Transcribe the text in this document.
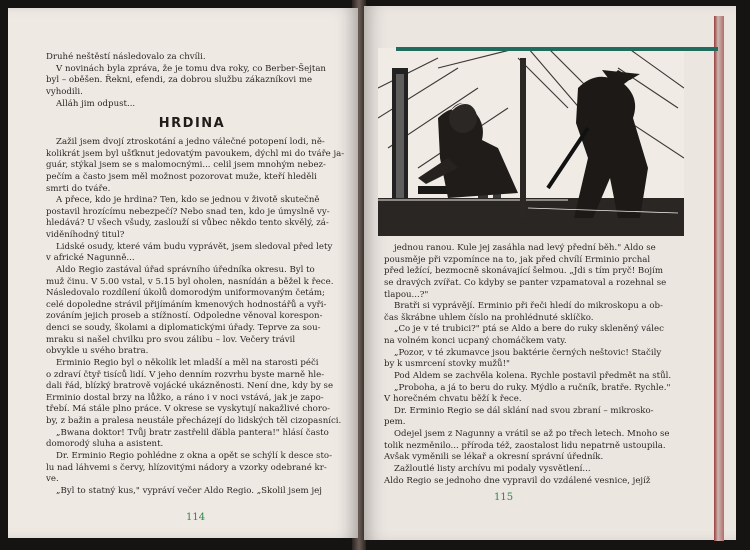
Druhé neštěstí následovalo za chvíli.
V novinách byla zpráva, že je tomu dva roky, co Berber-Šejtan
byl – oběšen. Řekni, efendi, za dobrou službu zákazníkovi me
vyhodili.
Alláh jim odpust...
HRDINA
Zažil jsem dvojí ztroskotání a jedno válečné potopení lodi, ně-
kolikrát jsem byl ušťknut jedovatým pavoukem, dýchl mi do tváře ja-
guár, stýkal jsem se s malomocnými... celil jsem mnohým nebez-
pečím a často jsem měl možnost pozorovat muže, kteří hleděli
smrti do tváře.
A přece, kdo je hrdina? Ten, kdo se jednou v životě skutečně
postavil hrozícímu nebezpečí? Nebo snad ten, kdo je úmyslně vy-
hledává? U všech všudy, zaslouží si vůbec někdo tento skvělý, zá-
viděníhodný titul?
Lidské osudy, které vám budu vyprávět, jsem sledoval před lety
v africké Nagunně...
Aldo Regio zastával úřad správního úředníka okresu. Byl to
muž činu. V 5.00 vstal, v 5.15 byl oholen, nasnídán a běžel k řece.
Následovalo rozdílení úkolů domorodým uniformovaným četám;
celé dopoledne strávil přijímáním kmenových hodnostářů a vyři-
zováním jejich proseb a stížností. Odpoledne věnoval korespon-
denci se soudy, školami a diplomatickými úřady. Teprve za sou-
mraku si našel chvilku pro svou zálibu – lov. Večery trávil
obvykle u svého bratra.
Erminio Regio byl o několik let mladší a měl na starosti péči
o zdraví čtyř tisíců lidí. V jeho denním rozvrhu byste marně hle-
dali řád, blízký bratrově vojácké ukázněnosti. Není dne, kdy by se
Erminio dostal brzy na lůžko, a ráno i v noci vstává, jak je zapo-
třebí. Má stále plno práce. V okrese se vyskytují nakažlivé choro-
by, z bažin a pralesa neustále přecházejí do lidských těl cizopasníci.
„Bwana doktor! Tvůj bratr zastřelil ďábla pantera!" hlásí často
domorodý sluha a asistent.
Dr. Erminio Regio pohlédne z okna a opět se schýlí k desce sto-
lu nad láhvemi s červy, hlízovitými nádory a vzorky odebrané kr-
ve.
„Byl to statný kus," vypráví večer Aldo Regio. „Skolil jsem jej
114
jednou ranou. Kule jej zasáhla nad levý přední běh." Aldo se
pousměje při vzpomínce na to, jak před chvílí Erminio prchal
před ležící, bezmocně skonávající šelmou. „Jdi s tím pryč! Bojím
se dravých zvířat. Co kdyby se panter vzpamatoval a rozehnal se
tlapou...?"
Bratři si vyprávějí. Erminio při řeči hledí do mikroskopu a ob-
čas škrábne uhlem číslo na prohlédnuté sklíčko.
„Co je v té trubici?" ptá se Aldo a bere do ruky skleněný válec
na volném konci ucpaný chomáčkem vaty.
„Pozor, v té zkumavce jsou baktérie černých neštovic! Stačily
by k usmrcení stovky mužů!"
Pod Aldem se zachvěla kolena. Rychle postavil předmět na stůl.
„Proboha, a já to beru do ruky. Mýdlo a ručník, bratře. Rychle."
V horečném chvatu běží k řece.
Dr. Erminio Regio se dál sklání nad svou zbraní – mikrosko-
pem.
Odejel jsem z Nagunny a vrátil se až po třech letech. Mnoho se
tolik nezměnilo... příroda též, zaostalost lidu nepatrně ustoupila.
Avšak vyměnili se lékař a okresní správní úředník.
Zažloutlé listy archívu mi podaly vysvětlení...
Aldo Regio se jednoho dne vypravil do vzdálené vesnice, jejíž
115
